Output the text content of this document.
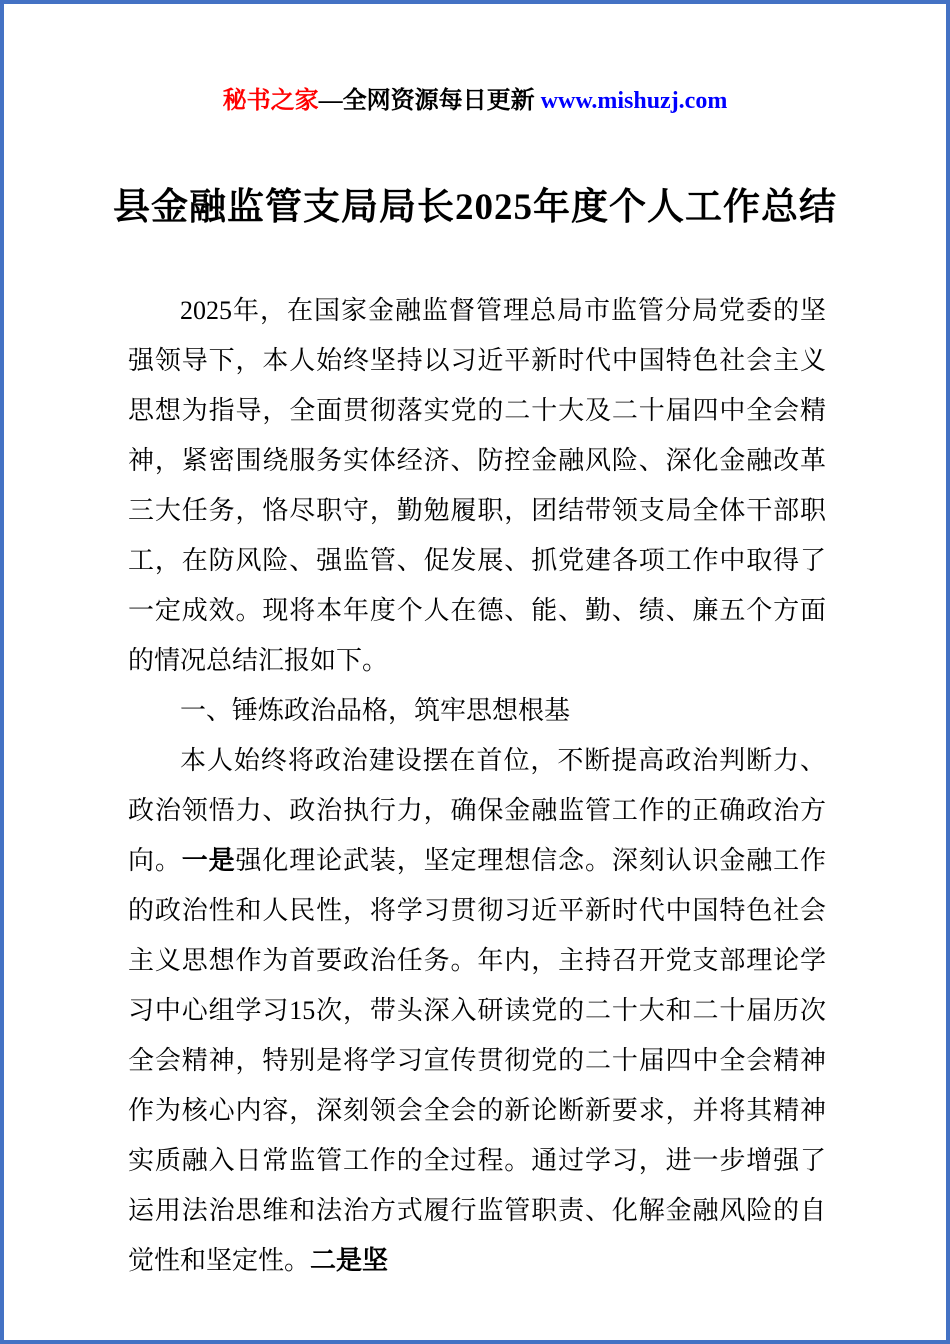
秘书之家—全网资源每日更新 www.mishuzj.com
县金融监管支局局长2025年度个人工作总结

2025年，在国家金融监督管理总局市监管分局党委的坚强领导下，本人始终坚持以习近平新时代中国特色社会主义思想为指导，全面贯彻落实党的二十大及二十届四中全会精神，紧密围绕服务实体经济、防控金融风险、深化金融改革三大任务，恪尽职守，勤勉履职，团结带领支局全体干部职工，在防风险、强监管、促发展、抓党建各项工作中取得了一定成效。现将本年度个人在德、能、勤、绩、廉五个方面的情况总结汇报如下。

一、锤炼政治品格，筑牢思想根基

本人始终将政治建设摆在首位，不断提高政治判断力、政治领悟力、政治执行力，确保金融监管工作的正确政治方向。一是强化理论武装，坚定理想信念。深刻认识金融工作的政治性和人民性，将学习贯彻习近平新时代中国特色社会主义思想作为首要政治任务。年内，主持召开党支部理论学习中心组学习15次，带头深入研读党的二十大和二十届历次全会精神，特别是将学习宣传贯彻党的二十届四中全会精神作为核心内容，深刻领会全会的新论断新要求，并将其精神实质融入日常监管工作的全过程。通过学习，进一步增强了运用法治思维和法治方式履行监管职责、化解金融风险的自觉性和坚定性。二是坚
